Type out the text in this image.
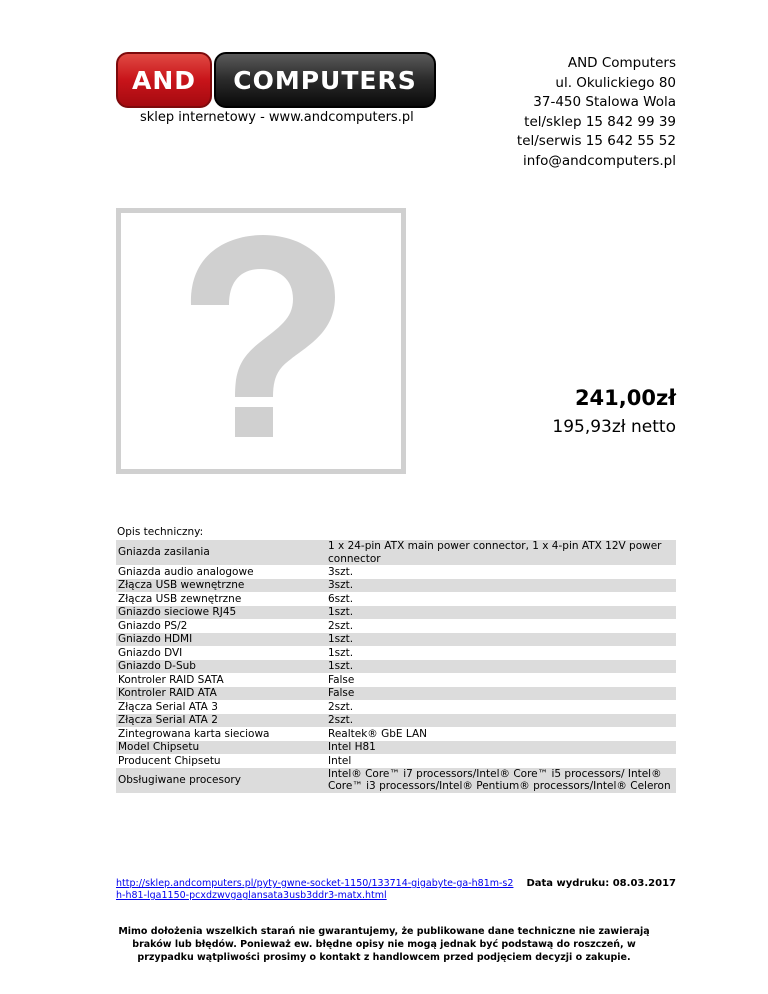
AND	COMPUTERS
sklep internetowy - www.andcomputers.pl
AND Computers
ul. Okulickiego 80
37-450 Stalowa Wola
tel/sklep 15 842 99 39
tel/serwis 15 642 55 52
info@andcomputers.pl
241,00zł
195,93zł netto
Opis techniczny:
Gniazda zasilania	1 x 24-pin ATX main power connector, 1 x 4-pin ATX 12V power connector
Gniazda audio analogowe	3szt.
Złącza USB wewnętrzne	3szt.
Złącza USB zewnętrzne	6szt.
Gniazdo sieciowe RJ45	1szt.
Gniazdo PS/2	2szt.
Gniazdo HDMI	1szt.
Gniazdo DVI	1szt.
Gniazdo D-Sub	1szt.
Kontroler RAID SATA	False
Kontroler RAID ATA	False
Złącza Serial ATA 3	2szt.
Złącza Serial ATA 2	2szt.
Zintegrowana karta sieciowa	Realtek® GbE LAN
Model Chipsetu	Intel H81
Producent Chipsetu	Intel
Obsługiwane procesory	Intel® Core™ i7 processors/Intel® Core™ i5 processors/ Intel® Core™ i3 processors/Intel® Pentium® processors/Intel® Celeron
http://sklep.andcomputers.pl/pyty-gwne-socket-1150/133714-gigabyte-ga-h81m-s2h-h81-lga1150-pcxdzwvgaglansata3usb3ddr3-matx.html
Data wydruku: 08.03.2017
Mimo dołożenia wszelkich starań nie gwarantujemy, że publikowane dane techniczne nie zawierają braków lub błędów. Ponieważ ew. błędne opisy nie mogą jednak być podstawą do roszczeń, w przypadku wątpliwości prosimy o kontakt z handlowcem przed podjęciem decyzji o zakupie.
